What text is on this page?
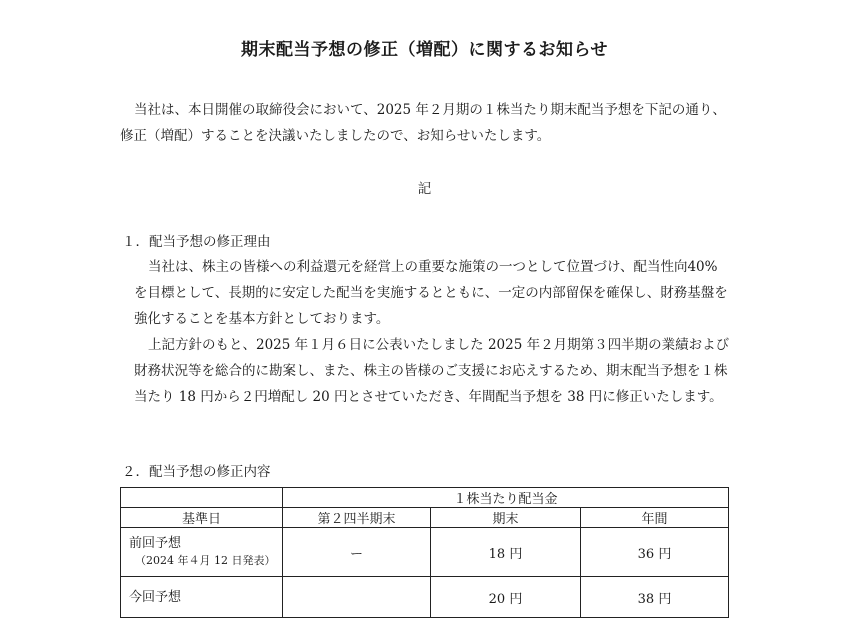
期末配当予想の修正（増配）に関するお知らせ

当社は、本日開催の取締役会において、2025 年２月期の１株当たり期末配当予想を下記の通り、修正（増配）することを決議いたしましたので、お知らせいたします。

記
１．配当予想の修正理由

当社は、株主の皆様への利益還元を経営上の重要な施策の一つとして位置づけ、配当性向40%を目標として、長期的に安定した配当を実施するとともに、一定の内部留保を確保し、財務基盤を強化することを基本方針としております。

上記方針のもと、2025 年１月６日に公表いたしました 2025 年２月期第３四半期の業績および財務状況等を総合的に勘案し、また、株主の皆様のご支援にお応えするため、期末配当予想を１株当たり 18 円から２円増配し 20 円とさせていただき、年間配当予想を 38 円に修正いたします。

２．配当予想の修正内容
	１株当たり配当金		
基準日	第２四半期末	期末	年間
前回予想
（2024 年４月 12 日発表）	ー	18 円	36 円
今回予想		20 円	38 円
